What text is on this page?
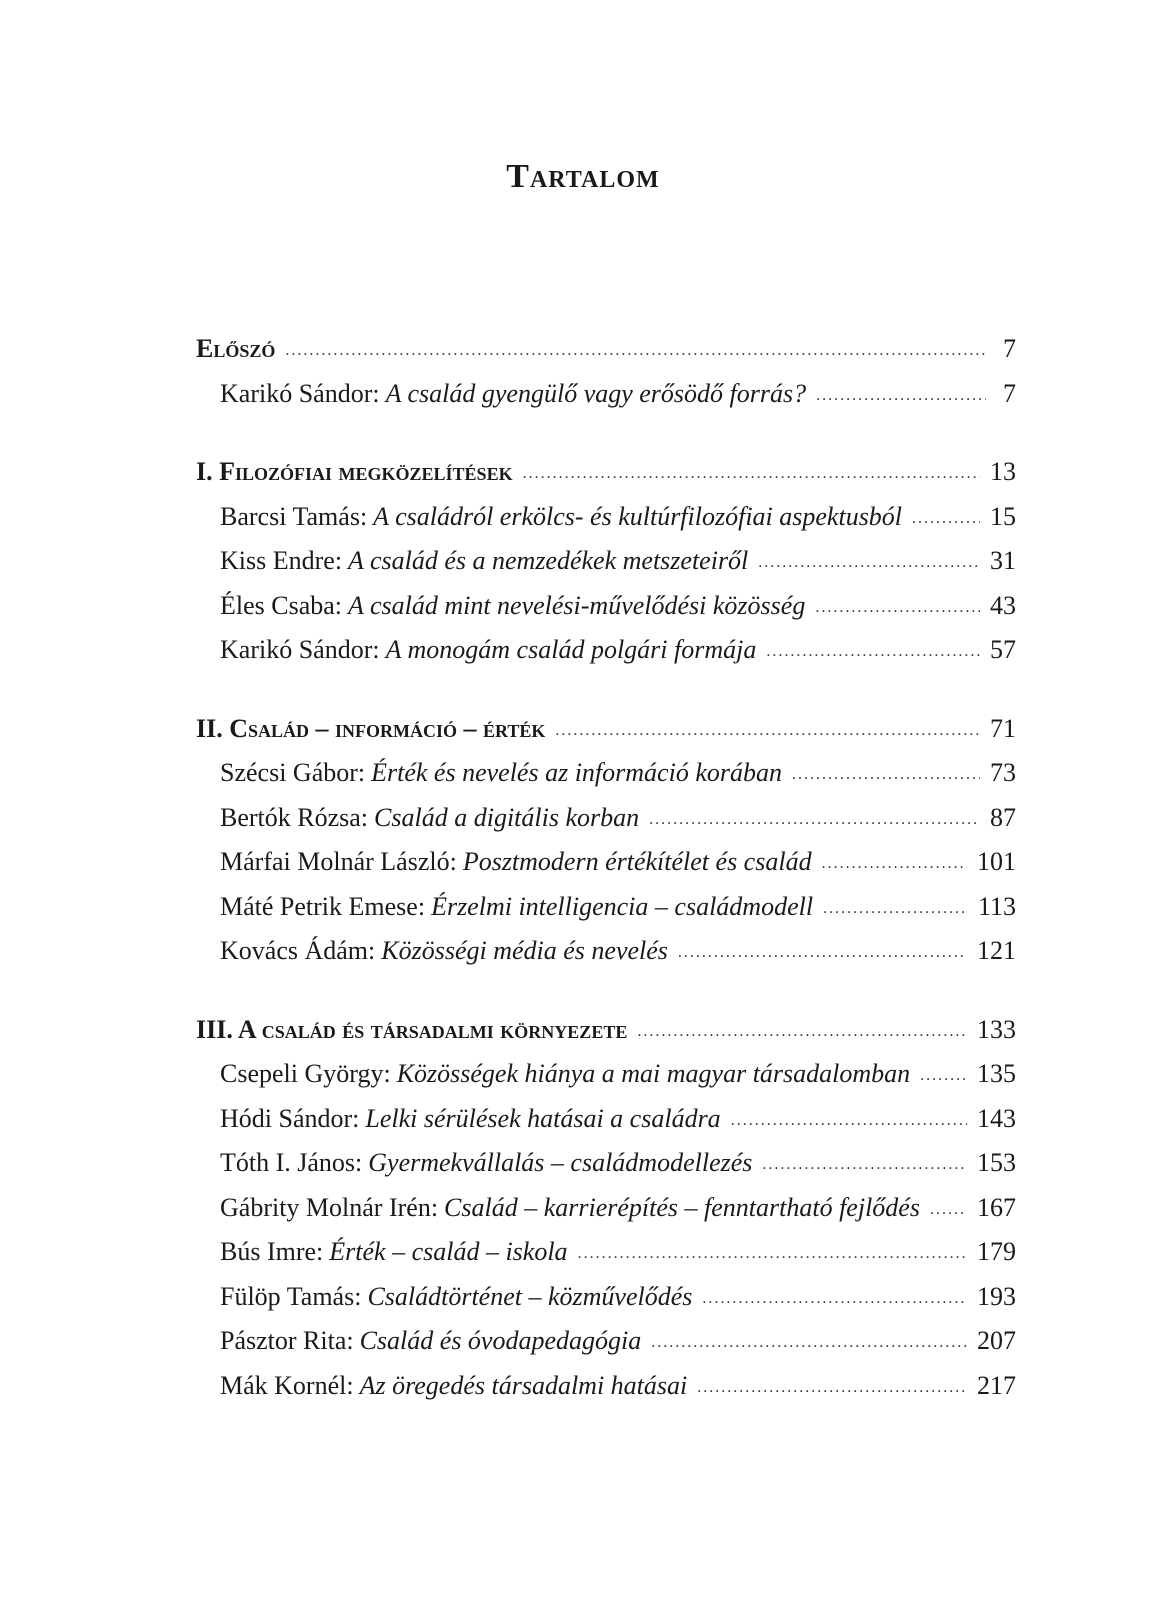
Tartalom
Előszó .....	7
Karikó Sándor: A család gyengülő vagy erősödő forrás? .....	7
I. Filozófiai megközelítések .....	13
Barcsi Tamás: A családról erkölcs- és kultúrfilozófiai aspektusból .....	15
Kiss Endre: A család és a nemzedékek metszeteiről .....	31
Éles Csaba: A család mint nevelési-művelődési közösség .....	43
Karikó Sándor: A monogám család polgári formája .....	57
II. Család – információ – érték .....	71
Szécsi Gábor: Érték és nevelés az információ korában .....	73
Bertók Rózsa: Család a digitális korban .....	87
Márfai Molnár László: Posztmodern értékítélet és család .....	101
Máté Petrik Emese: Érzelmi intelligencia – családmodell .....	113
Kovács Ádám: Közösségi média és nevelés .....	121
III. A család és társadalmi környezete .....	133
Csepeli György: Közösségek hiánya a mai magyar társadalomban .....	135
Hódi Sándor: Lelki sérülések hatásai a családra .....	143
Tóth I. János: Gyermekvállalás – családmodellezés .....	153
Gábrity Molnár Irén: Család – karrierépítés – fenntartható fejlődés ..... 167
Bús Imre: Érték – család – iskola .....	179
Fülöp Tamás: Családtörténet – közművelődés .....	193
Pásztor Rita: Család és óvodapedagógia .....	207
Mák Kornél: Az öregedés társadalmi hatásai .....	217
